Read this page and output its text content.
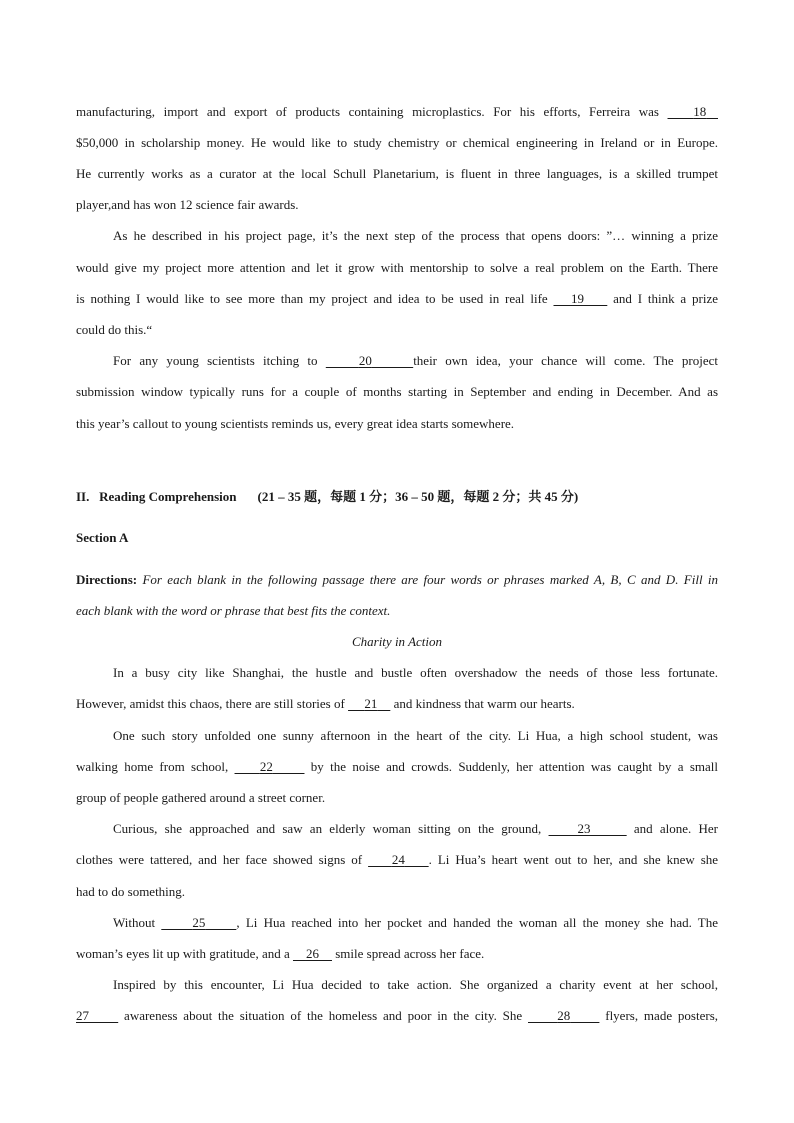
manufacturing, import and export of products containing microplastics. For his efforts, Ferreira was    18
$50,000 in scholarship money. He would like to study chemistry or chemical engineering in Ireland or in Europe.
He currently works as a curator at the local Schull Planetarium, is fluent in three languages, is a skilled trumpet
player,and has won 12 science fair awards.
As he described in his project page, it’s the next step of the process that opens doors: ”… winning a prize
would give my project more attention and let it grow with mentorship to solve a real problem on the Earth. There
is nothing I would like to see more than my project and idea to be used in real life    19     and I think a prize
could do this.“
For any young scientists itching to	20	their own idea, your chance will come. The project
submission window typically runs for a couple of months starting in September and ending in December. And as
this year’s callout to young scientists reminds us, every great idea starts somewhere.
II.   Reading Comprehension (21 – 35 题，每题 1 分；36 – 50 题，每题 2 分；共 45 分)
Section A
Directions: For each blank in the following passage there are four words or phrases marked A, B, C and D. Fill in
each blank with the word or phrase that best fits the context.
Charity in Action
In a busy city like Shanghai, the hustle and bustle often overshadow the needs of those less fortunate.
However, amidst this chaos, there are still stories of      21     and kindness that warm our hearts.
One such story unfolded one sunny afternoon in the heart of the city. Li Hua, a high school student, was
walking home from school,     22      by the noise and crowds. Suddenly, her attention was caught by a small
group of people gathered around a street corner.
Curious, she approached and saw an elderly woman sitting on the ground,     23	and alone. Her
clothes were tattered, and her face showed signs of     24 . Li Hua’s heart went out to her, and she knew she
had to do something.
Without      25 , Li Hua reached into her pocket and handed the woman all the money she had. The
woman’s eyes lit up with gratitude, and a     26     smile spread across her face.
Inspired by this encounter, Li Hua decided to take action. She organized a charity event at her school,
27      awareness about the situation of the homeless and poor in the city. She      28      flyers, made posters,
